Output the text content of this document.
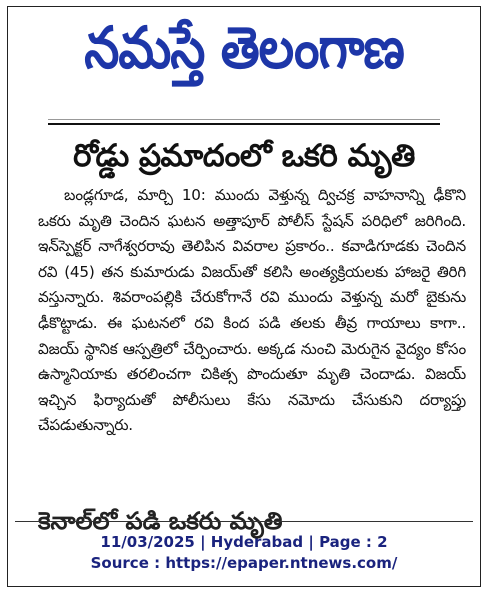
నమస్తే తెలంగాణ
రోడ్డు ప్రమాదంలో ఒకరి మృతి

బండ్లగూడ, మార్చి 10: ముందు వెళ్తున్న ద్విచక్ర వాహనాన్ని ఢీకొని ఒకరు మృతి చెందిన ఘటన అత్తాపూర్ పోలీస్ స్టేషన్ పరిధిలో జరిగింది. ఇన్‌స్పెక్టర్ నాగేశ్వరరావు తెలిపిన వివరాల ప్రకారం.. కవాడిగూడకు చెందిన రవి (45) తన కుమారుడు విజయ్‌తో కలిసి అంత్యక్రియలకు హాజరై తిరిగి వస్తున్నారు. శివరాంపల్లికి చేరుకోగానే రవి ముందు వెళ్తున్న మరో బైకును ఢీకొట్టాడు. ఈ ఘటనలో రవి కింద పడి తలకు తీవ్ర గాయాలు కాగా.. విజయ్ స్థానిక ఆస్పత్రిలో చేర్పించారు. అక్కడ నుంచి మెరుగైన వైద్యం కోసం ఉస్మానియాకు తరలించగా చికిత్స పొందుతూ మృతి చెందాడు. విజయ్ ఇచ్చిన ఫిర్యాదుతో పోలీసులు కేసు నమోదు చేసుకుని దర్యాప్తు చేపడుతున్నారు.

కెనాల్‌లో పడి ఒకరు మృతి
11/03/2025 | Hyderabad | Page : 2
Source : https://epaper.ntnews.com/
